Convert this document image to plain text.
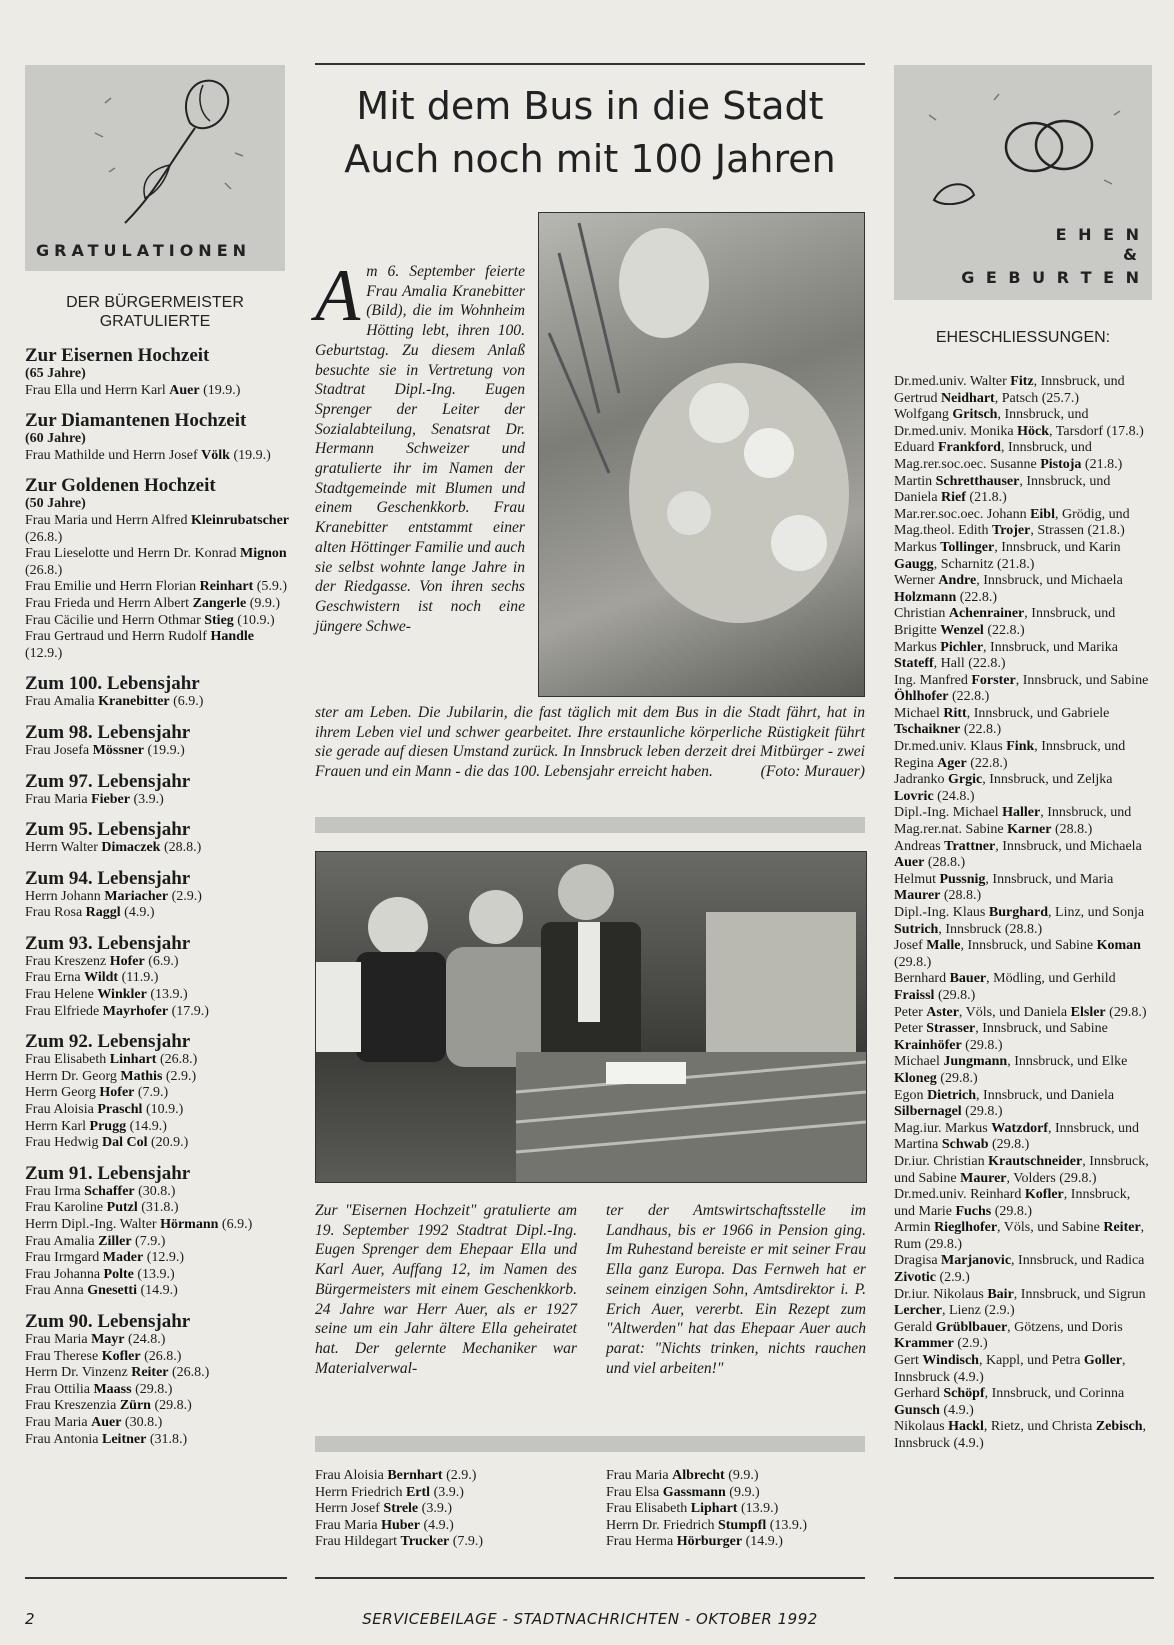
GRATULATIONEN
DER BÜRGERMEISTER GRATULIERTE
Zur Eisernen Hochzeit
(65 Jahre)
Frau Ella und Herrn Karl Auer (19.9.)
Zur Diamantenen Hochzeit
(60 Jahre)
Frau Mathilde und Herrn Josef Völk (19.9.)
Zur Goldenen Hochzeit
(50 Jahre)
Frau Maria und Herrn Alfred Kleinrubatscher (26.8.)
Frau Lieselotte und Herrn Dr. Konrad Mignon (26.8.)
Frau Emilie und Herrn Florian Reinhart (5.9.)
Frau Frieda und Herrn Albert Zangerle (9.9.)
Frau Cäcilie und Herrn Othmar Stieg (10.9.)
Frau Gertraud und Herrn Rudolf Handle (12.9.)
Zum 100. Lebensjahr
Frau Amalia Kranebitter (6.9.)
Zum 98. Lebensjahr
Frau Josefa Mössner (19.9.)
Zum 97. Lebensjahr
Frau Maria Fieber (3.9.)
Zum 95. Lebensjahr
Herrn Walter Dimaczek (28.8.)
Zum 94. Lebensjahr
Herrn Johann Mariacher (2.9.)
Frau Rosa Raggl (4.9.)
Zum 93. Lebensjahr
Frau Kreszenz Hofer (6.9.)
Frau Erna Wildt (11.9.)
Frau Helene Winkler (13.9.)
Frau Elfriede Mayrhofer (17.9.)
Zum 92. Lebensjahr
Frau Elisabeth Linhart (26.8.)
Herrn Dr. Georg Mathis (2.9.)
Herrn Georg Hofer (7.9.)
Frau Aloisia Praschl (10.9.)
Herrn Karl Prugg (14.9.)
Frau Hedwig Dal Col (20.9.)
Zum 91. Lebensjahr
Frau Irma Schaffer (30.8.)
Frau Karoline Putzl (31.8.)
Herrn Dipl.-Ing. Walter Hörmann (6.9.)
Frau Amalia Ziller (7.9.)
Frau Irmgard Mader (12.9.)
Frau Johanna Polte (13.9.)
Frau Anna Gnesetti (14.9.)
Zum 90. Lebensjahr
Frau Maria Mayr (24.8.)
Frau Therese Kofler (26.8.)
Herrn Dr. Vinzenz Reiter (26.8.)
Frau Ottilia Maass (29.8.)
Frau Kreszenzia Zürn (29.8.)
Frau Maria Auer (30.8.)
Frau Antonia Leitner (31.8.)
Mit dem Bus in die Stadt
Auch noch mit 100 Jahren
A m 6. September feierte Frau Amalia Kranebitter (Bild), die im Wohnheim Hötting lebt, ihren 100. Geburtstag. Zu diesem Anlaß besuchte sie in Vertretung von Stadtrat Dipl.-Ing. Eugen Sprenger der Leiter der Sozialabteilung, Senatsrat Dr. Hermann Schweizer und gratulierte ihr im Namen der Stadtgemeinde mit Blumen und einem Geschenkkorb. Frau Kranebitter entstammt einer alten Höttinger Familie und auch sie selbst wohnte lange Jahre in der Riedgasse. Von ihren sechs Geschwistern ist noch eine jüngere Schwe-
ster am Leben. Die Jubilarin, die fast täglich mit dem Bus in die Stadt fährt, hat in ihrem Leben viel und schwer gearbeitet. Ihre erstaunliche körperliche Rüstigkeit führt sie gerade auf diesen Umstand zurück. In Innsbruck leben derzeit drei Mitbürger - zwei Frauen und ein Mann - die das 100. Lebensjahr erreicht haben.	(Foto: Murauer)
Zur "Eisernen Hochzeit" gratulierte am 19. September 1992 Stadtrat Dipl.-Ing. Eugen Sprenger dem Ehepaar Ella und Karl Auer, Auffang 12, im Namen des Bürgermeisters mit einem Geschenkkorb. 24 Jahre war Herr Auer, als er 1927 seine um ein Jahr ältere Ella geheiratet hat. Der gelernte Mechaniker war Materialverwal-
ter der Amtswirtschaftsstelle im Landhaus, bis er 1966 in Pension ging. Im Ruhestand bereiste er mit seiner Frau Ella ganz Europa. Das Fernweh hat er seinem einzigen Sohn, Amtsdirektor i. P. Erich Auer, vererbt. Ein Rezept zum "Altwerden" hat das Ehepaar Auer auch parat: "Nichts trinken, nichts rauchen und viel arbeiten!"
Frau Aloisia Bernhart (2.9.)
Herrn Friedrich Ertl (3.9.)
Herrn Josef Strele (3.9.)
Frau Maria Huber (4.9.)
Frau Hildegart Trucker (7.9.)
Frau Maria Albrecht (9.9.)
Frau Elsa Gassmann (9.9.)
Frau Elisabeth Liphart (13.9.)
Herrn Dr. Friedrich Stumpfl (13.9.)
Frau Herma Hörburger (14.9.)
E H E N
&
G E B U R T E N
EHESCHLIESSUNGEN:
Dr.med.univ. Walter Fitz, Innsbruck, und Gertrud Neidhart, Patsch (25.7.)
Wolfgang Gritsch, Innsbruck, und Dr.med.univ. Monika Höck, Tarsdorf (17.8.)
Eduard Frankford, Innsbruck, und Mag.rer.soc.oec. Susanne Pistoja (21.8.)
Martin Schretthauser, Innsbruck, und Daniela Rief (21.8.)
Mar.rer.soc.oec. Johann Eibl, Grödig, und Mag.theol. Edith Trojer, Strassen (21.8.)
Markus Tollinger, Innsbruck, und Karin Gaugg, Scharnitz (21.8.)
Werner Andre, Innsbruck, und Michaela Holzmann (22.8.)
Christian Achenrainer, Innsbruck, und Brigitte Wenzel (22.8.)
Markus Pichler, Innsbruck, und Marika Stateff, Hall (22.8.)
Ing. Manfred Forster, Innsbruck, und Sabine Öhlhofer (22.8.)
Michael Ritt, Innsbruck, und Gabriele Tschaikner (22.8.)
Dr.med.univ. Klaus Fink, Innsbruck, und Regina Ager (22.8.)
Jadranko Grgic, Innsbruck, und Zeljka Lovric (24.8.)
Dipl.-Ing. Michael Haller, Innsbruck, und Mag.rer.nat. Sabine Karner (28.8.)
Andreas Trattner, Innsbruck, und Michaela Auer (28.8.)
Helmut Pussnig, Innsbruck, und Maria Maurer (28.8.)
Dipl.-Ing. Klaus Burghard, Linz, und Sonja Sutrich, Innsbruck (28.8.)
Josef Malle, Innsbruck, und Sabine Koman (29.8.)
Bernhard Bauer, Mödling, und Gerhild Fraissl (29.8.)
Peter Aster, Völs, und Daniela Elsler (29.8.)
Peter Strasser, Innsbruck, und Sabine Krainhöfer (29.8.)
Michael Jungmann, Innsbruck, und Elke Kloneg (29.8.)
Egon Dietrich, Innsbruck, und Daniela Silbernagel (29.8.)
Mag.iur. Markus Watzdorf, Innsbruck, und Martina Schwab (29.8.)
Dr.iur. Christian Krautschneider, Innsbruck, und Sabine Maurer, Volders (29.8.)
Dr.med.univ. Reinhard Kofler, Innsbruck, und Marie Fuchs (29.8.)
Armin Rieglhofer, Völs, und Sabine Reiter, Rum (29.8.)
Dragisa Marjanovic, Innsbruck, und Radica Zivotic (2.9.)
Dr.iur. Nikolaus Bair, Innsbruck, und Sigrun Lercher, Lienz (2.9.)
Gerald Grüblbauer, Götzens, und Doris Krammer (2.9.)
Gert Windisch, Kappl, und Petra Goller, Innsbruck (4.9.)
Gerhard Schöpf, Innsbruck, und Corinna Gunsch (4.9.)
Nikolaus Hackl, Rietz, und Christa Zebisch, Innsbruck (4.9.)
2	SERVICEBEILAGE - STADTNACHRICHTEN - OKTOBER 1992
